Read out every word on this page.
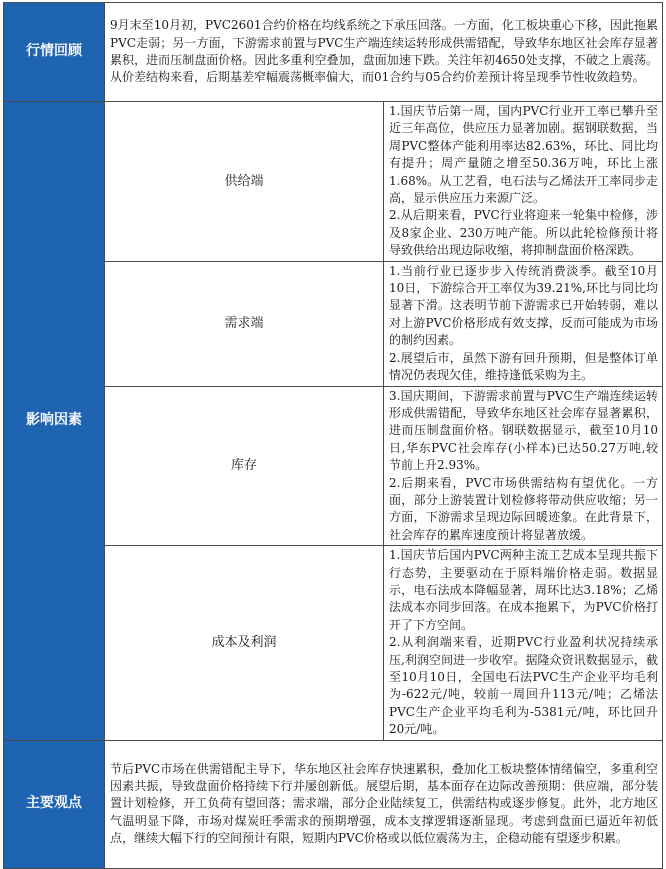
行情回顾	9月末至10月初，PVC2601合约价格在均线系统之下承压回落。一方面，化工板块重心下移，因此拖累PVC走弱；另一方面，下游需求前置与PVC生产端连续运转形成供需错配，导致华东地区社会库存显著累积，进而压制盘面价格。因此多重利空叠加，盘面加速下跌。关注年初4650处支撑，不破之上震荡。从价差结构来看，后期基差窄幅震荡概率偏大，而01合约与05合约价差预计将呈现季节性收敛趋势。	
影响因素	供给端	1.国庆节后第一周，国内PVC行业开工率已攀升至近三年高位，供应压力显著加剧。据钢联数据，当周PVC整体产能利用率达82.63%，环比、同比均有提升；周产量随之增至50.36万吨，环比上涨1.68%。从工艺看，电石法与乙烯法开工率同步走高，显示供应压力来源广泛。
2.从后期来看，PVC行业将迎来一轮集中检修，涉及8家企业、230万吨产能。所以此轮检修预计将导致供给出现边际收缩，将抑制盘面价格深跌。
	需求端	1.当前行业已逐步步入传统消费淡季。截至10月10日，下游综合开工率仅为39.21%,环比与同比均显著下滑。这表明节前下游需求已开始转弱，难以对上游PVC价格形成有效支撑，反而可能成为市场的制约因素。
2.展望后市，虽然下游有回升预期，但是整体订单情况仍表现欠佳，维持逢低采购为主。
	库存	3.国庆期间，下游需求前置与PVC生产端连续运转形成供需错配，导致华东地区社会库存显著累积，进而压制盘面价格。钢联数据显示，截至10月10日,华东PVC社会库存(小样本)已达50.27万吨,较节前上升2.93%。
2.后期来看，PVC市场供需结构有望优化。一方面，部分上游装置计划检修将带动供应收缩；另一方面，下游需求呈现边际回暖迹象。在此背景下，社会库存的累库速度预计将显著放缓。
	成本及利润	1.国庆节后国内PVC两种主流工艺成本呈现共振下行态势，主要驱动在于原料端价格走弱。数据显示，电石法成本降幅显著，周环比达3.18%；乙烯法成本亦同步回落。在成本拖累下，为PVC价格打开了下方空间。
2.从利润端来看，近期PVC行业盈利状况持续承压,利润空间进一步收窄。据隆众资讯数据显示，截至10月10日，全国电石法PVC生产企业平均毛利为-622元/吨，较前一周回升113元/吨；乙烯法PVC生产企业平均毛利为-5381元/吨，环比回升20元/吨。
主要观点	节后PVC市场在供需错配主导下，华东地区社会库存快速累积，叠加化工板块整体情绪偏空，多重利空因素共振，导致盘面价格持续下行并屡创新低。展望后期，基本面存在边际改善预期：供应端，部分装置计划检修，开工负荷有望回落；需求端，部分企业陆续复工，供需结构或逐步修复。此外，北方地区气温明显下降，市场对煤炭旺季需求的预期增强，成本支撑逻辑逐渐显现。考虑到盘面已逼近年初低点，继续大幅下行的空间预计有限，短期内PVC价格或以低位震荡为主，企稳动能有望逐步积累。	
